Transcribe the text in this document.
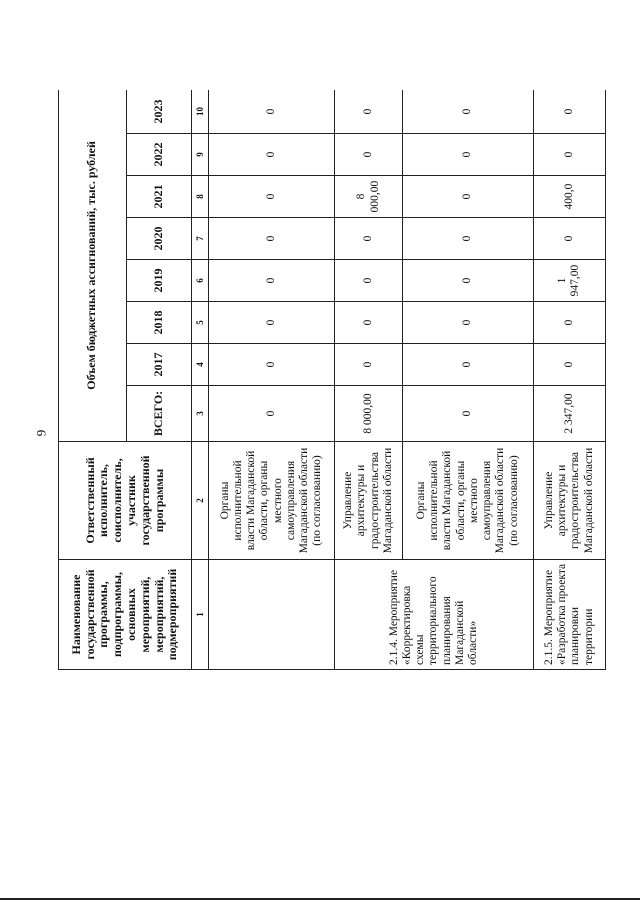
9
Наименование государственной программы, подпрограммы, основных мероприятий, мероприятий, подмероприятий	Ответственный исполнитель, соисполнитель, участник государственной программы	Объем бюджетных ассигнований, тыс. рублей							
		ВСЕГО:	2017	2018	2019	2020	2021	2022	2023
1	2	3	4	5	6	7	8	9	10
	Органы исполнительной власти Магаданской области, органы местного самоуправления Магаданской области (по согласованию)	0	0	0	0	0	0	0	0
2.1.4. Мероприятие «Корректировка схемы территориального планирования Магаданской области»	Управление архитектуры и градостроительства Магаданской области	8 000,00	0	0	0	0	8 000,00	0	0
	Органы исполнительной власти Магаданской области, органы местного самоуправления Магаданской области (по согласованию)	0	0	0	0	0	0	0	0
2.1.5. Мероприятие «Разработка проекта планировки территории	Управление архитектуры и градостроительства Магаданской области	2 347,00	0	0	1 947,00	0	400,0	0	0
